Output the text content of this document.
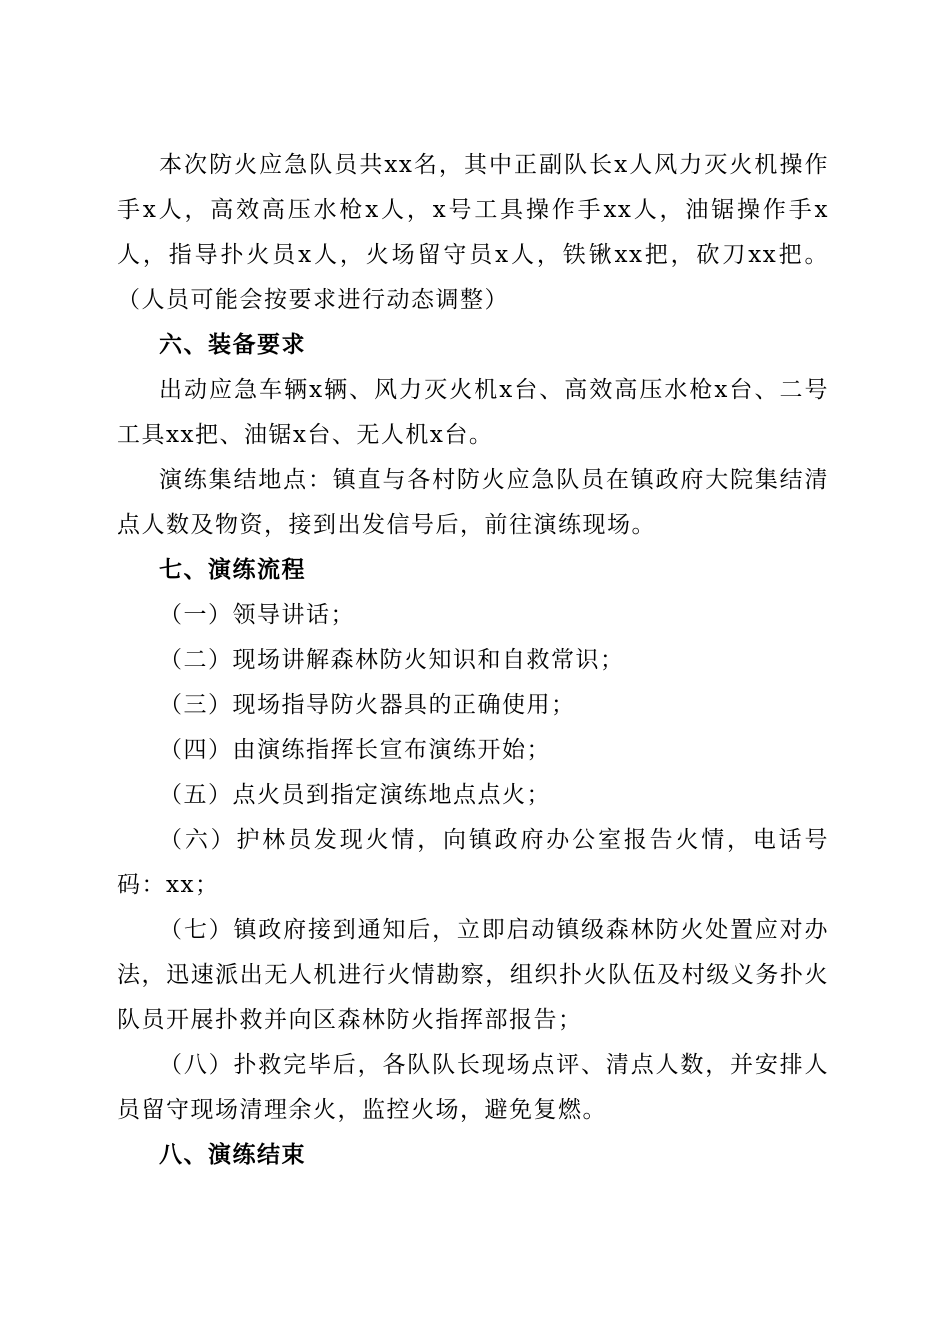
本次防火应急队员共xx名，其中正副队长x人风力灭火机操作手x人，高效高压水枪x人，x号工具操作手xx人，油锯操作手x人，指导扑火员x人，火场留守员x人，铁锹xx把，砍刀xx把。（人员可能会按要求进行动态调整）

六、装备要求

出动应急车辆x辆、风力灭火机x台、高效高压水枪x台、二号工具xx把、油锯x台、无人机x台。

演练集结地点：镇直与各村防火应急队员在镇政府大院集结清点人数及物资，接到出发信号后，前往演练现场。

七、演练流程

（一）领导讲话；

（二）现场讲解森林防火知识和自救常识；

（三）现场指导防火器具的正确使用；

（四）由演练指挥长宣布演练开始；

（五）点火员到指定演练地点点火；

（六）护林员发现火情，向镇政府办公室报告火情，电话号码：xx；

（七）镇政府接到通知后，立即启动镇级森林防火处置应对办法，迅速派出无人机进行火情勘察，组织扑火队伍及村级义务扑火队员开展扑救并向区森林防火指挥部报告；

（八）扑救完毕后，各队队长现场点评、清点人数，并安排人员留守现场清理余火，监控火场，避免复燃。

八、演练结束
